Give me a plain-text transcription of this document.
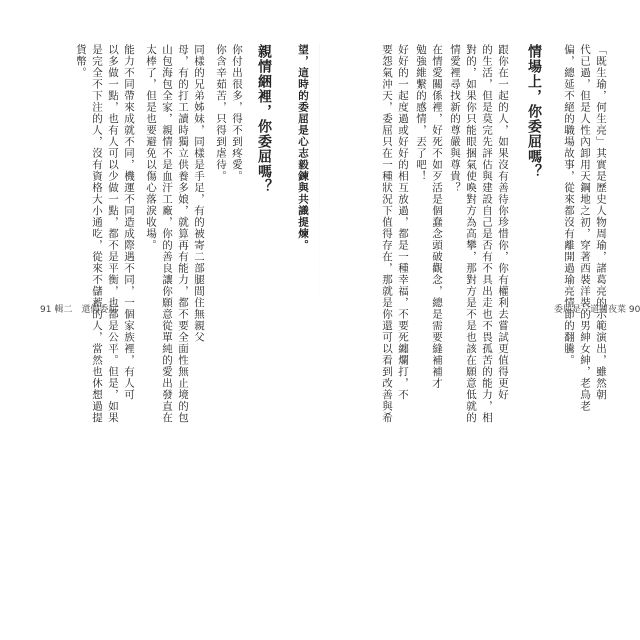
望，這時的委屈是心志毅鍊與共識提煉。
親情綑裡，你委屈嗎？
你付出很多，得不到疼愛。
你含辛茹苦，只得到虐待。
同樣的兄弟姊妹，同樣是手足，有的被寄二部腿間住無親父
母，有的打工讀時獨立供養多娘，就算再有能力，都不要全面性無止境的包
山包海包全家，親情不是血汗工廠，你的善良讓你願意從單純的愛出發直在
太棒了，但是也要避免以傷心落淚收場。
能力不同帶來成就不同，機運不同造成際遇不同，一個家族裡，有人可
以多做一點，也有人可以少做一點，都不是平衡，也都是公平。但是，如果
是完全不下注的人，沒有資格大小通吃，從來不儲蓄的人，當然也休想過提
貨幣。	「既生瑜，何生亮」其實是歷史人物周瑜，諸葛亮的示範演出，雖然朝
代已過，但是人性內卸用天鋼地之初，穿著西裝洋裝的男紳女紳，老鳥老
偏，總延不絕的職場故事，從來都沒有離開過瑜亮情節的翻騰。
情場上，你委屈嗎？
跟你在一起的人，如果沒有善待你珍惜你，你有權利去嘗試更值得更好
的生活，但是莫完先評估與建設自己是否有不具出走也不畏孤苦的能力，相
對的，如果你只能眼捆氣使喚對方為高攀，那對方是不是也該在願意低就的
情愛裡尋找新的尊嚴與尊貴？
在情愛關係裡，好死不如歹活是個蠢念頭破觀念，總是需要縫補補才
勉強維繫的感情，丟了吧！
好好的一起度過或好好的相互放過，都是一種幸福，不要死纏爛打，不
要怨氣沖天，委屈只在一種狀況下值得存在，那就是你還可以看到改善與希
91 輯二　還假委屈	委屈是一道關夜菜 90
